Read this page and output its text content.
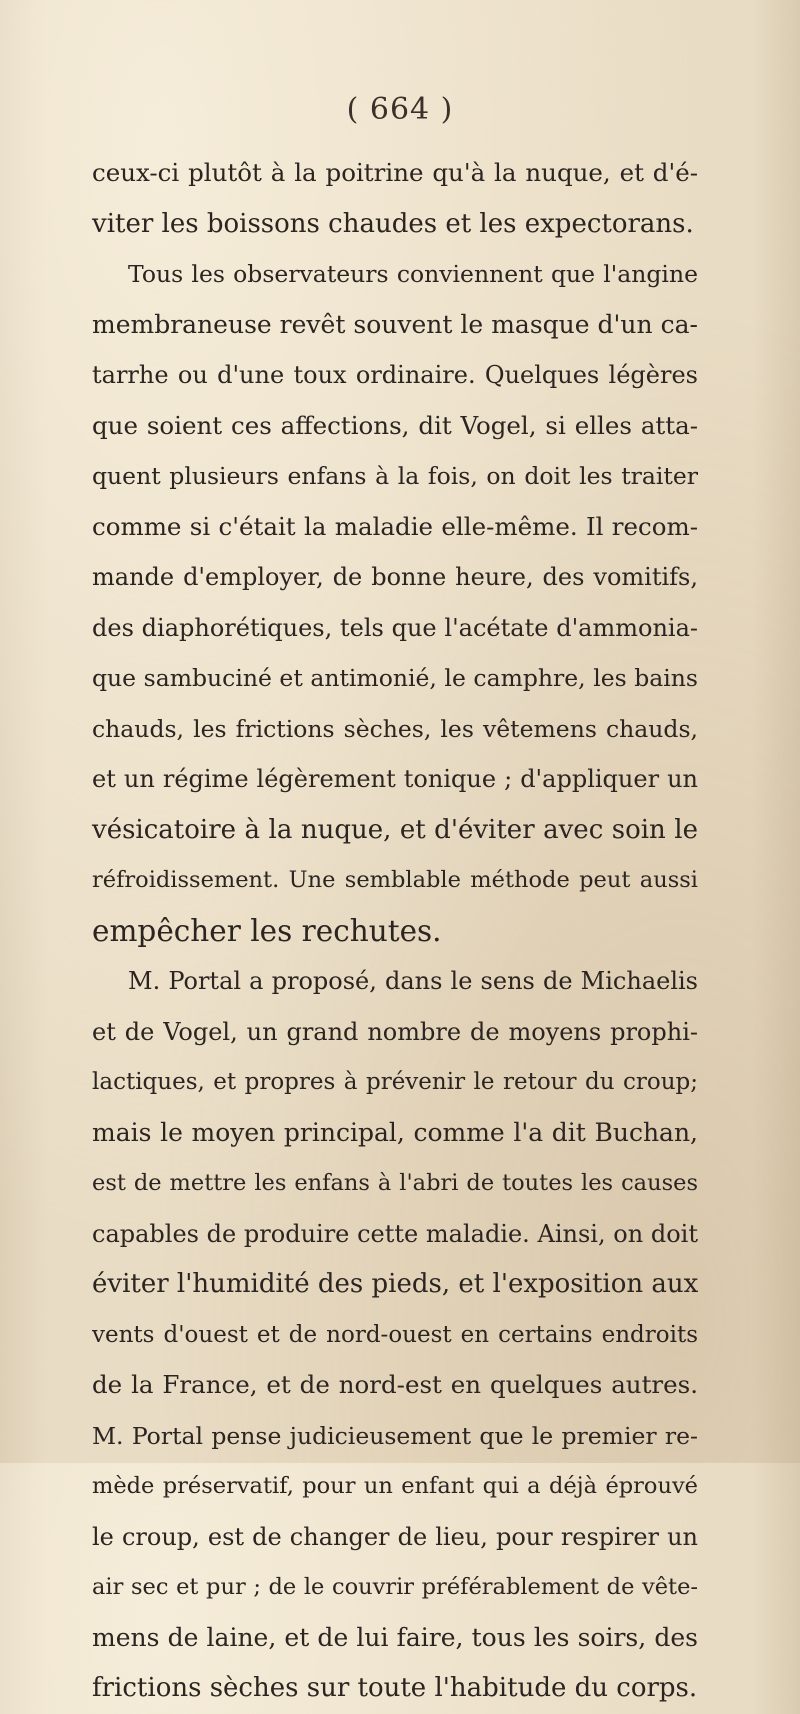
( 664 )
ceux-ci plutôt à la poitrine qu'à la nuque, et d'é-
viter les boissons chaudes et les expectorans.
Tous les observateurs conviennent que l'angine
membraneuse revêt souvent le masque d'un ca-
tarrhe ou d'une toux ordinaire. Quelques légères
que soient ces affections, dit Vogel, si elles atta-
quent plusieurs enfans à la fois, on doit les traiter
comme si c'était la maladie elle-même. Il recom-
mande d'employer, de bonne heure, des vomitifs,
des diaphorétiques, tels que l'acétate d'ammonia-
que sambuciné et antimonié, le camphre, les bains
chauds, les frictions sèches, les vêtemens chauds,
et un régime légèrement tonique ; d'appliquer un
vésicatoire à la nuque, et d'éviter avec soin le
réfroidissement. Une semblable méthode peut aussi
empêcher les rechutes.
M. Portal a proposé, dans le sens de Michaelis
et de Vogel, un grand nombre de moyens prophi-
lactiques, et propres à prévenir le retour du croup;
mais le moyen principal, comme l'a dit Buchan,
est de mettre les enfans à l'abri de toutes les causes
capables de produire cette maladie. Ainsi, on doit
éviter l'humidité des pieds, et l'exposition aux
vents d'ouest et de nord-ouest en certains endroits
de la France, et de nord-est en quelques autres.
M. Portal pense judicieusement que le premier re-
mède préservatif, pour un enfant qui a déjà éprouvé
le croup, est de changer de lieu, pour respirer un
air sec et pur ; de le couvrir préférablement de vête-
mens de laine, et de lui faire, tous les soirs, des
frictions sèches sur toute l'habitude du corps.
